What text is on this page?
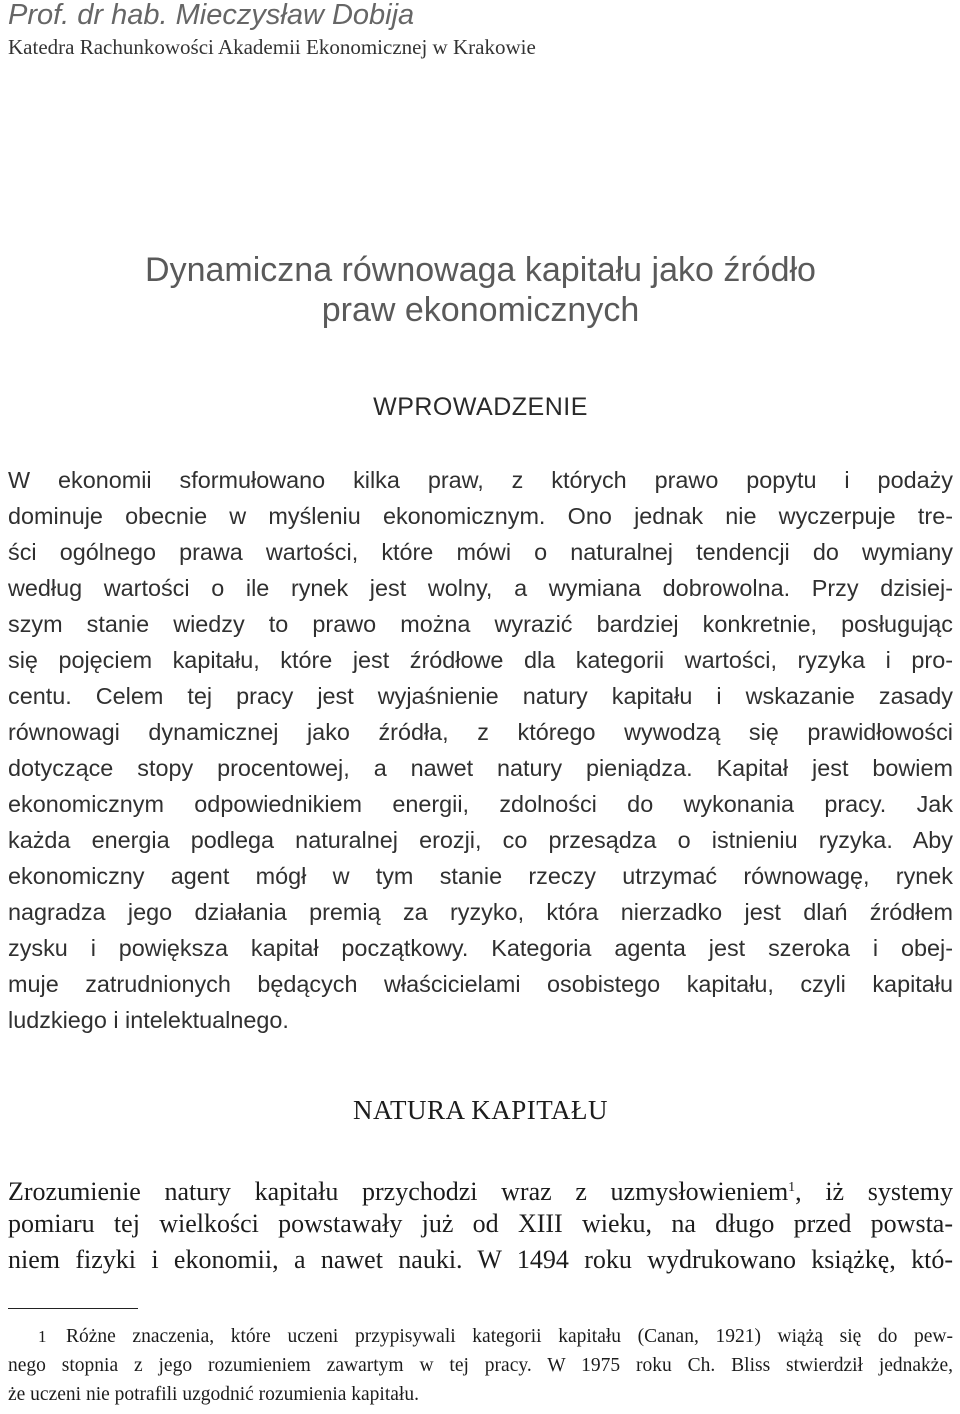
Prof. dr hab. Mieczysław Dobija
Katedra Rachunkowości Akademii Ekonomicznej w Krakowie
Dynamiczna równowaga kapitału jako źródło
praw ekonomicznych
WPROWADZENIE
W ekonomii sformułowano kilka praw, z których prawo popytu i podaży
dominuje obecnie w myśleniu ekonomicznym. Ono jednak nie wyczerpuje tre-
ści ogólnego prawa wartości, które mówi o naturalnej tendencji do wymiany
według wartości o ile rynek jest wolny, a wymiana dobrowolna. Przy dzisiej-
szym stanie wiedzy to prawo można wyrazić bardziej konkretnie, posługując
się pojęciem kapitału, które jest źródłowe dla kategorii wartości, ryzyka i pro-
centu. Celem tej pracy jest wyjaśnienie natury kapitału i wskazanie zasady
równowagi dynamicznej jako źródła, z którego wywodzą się prawidłowości
dotyczące stopy procentowej, a nawet natury pieniądza. Kapitał jest bowiem
ekonomicznym odpowiednikiem energii, zdolności do wykonania pracy. Jak
każda energia podlega naturalnej erozji, co przesądza o istnieniu ryzyka. Aby
ekonomiczny agent mógł w tym stanie rzeczy utrzymać równowagę, rynek
nagradza jego działania premią za ryzyko, która nierzadko jest dlań źródłem
zysku i powiększa kapitał początkowy. Kategoria agenta jest szeroka i obej-
muje zatrudnionych będących właścicielami osobistego kapitału, czyli kapitału
ludzkiego i intelektualnego.
NATURA KAPITAŁU
Zrozumienie natury kapitału przychodzi wraz z uzmysłowieniem$^1$, iż systemy
pomiaru tej wielkości powstawały już od XIII wieku, na długo przed powsta-
niem fizyki i ekonomii, a nawet nauki. W 1494 roku wydrukowano książkę, któ-
1 Różne znaczenia, które uczeni przypisywali kategorii kapitału (Canan, 1921) wiążą się do pew-
nego stopnia z jego rozumieniem zawartym w tej pracy. W 1975 roku Ch. Bliss stwierdził jednakże,
że uczeni nie potrafili uzgodnić rozumienia kapitału.
